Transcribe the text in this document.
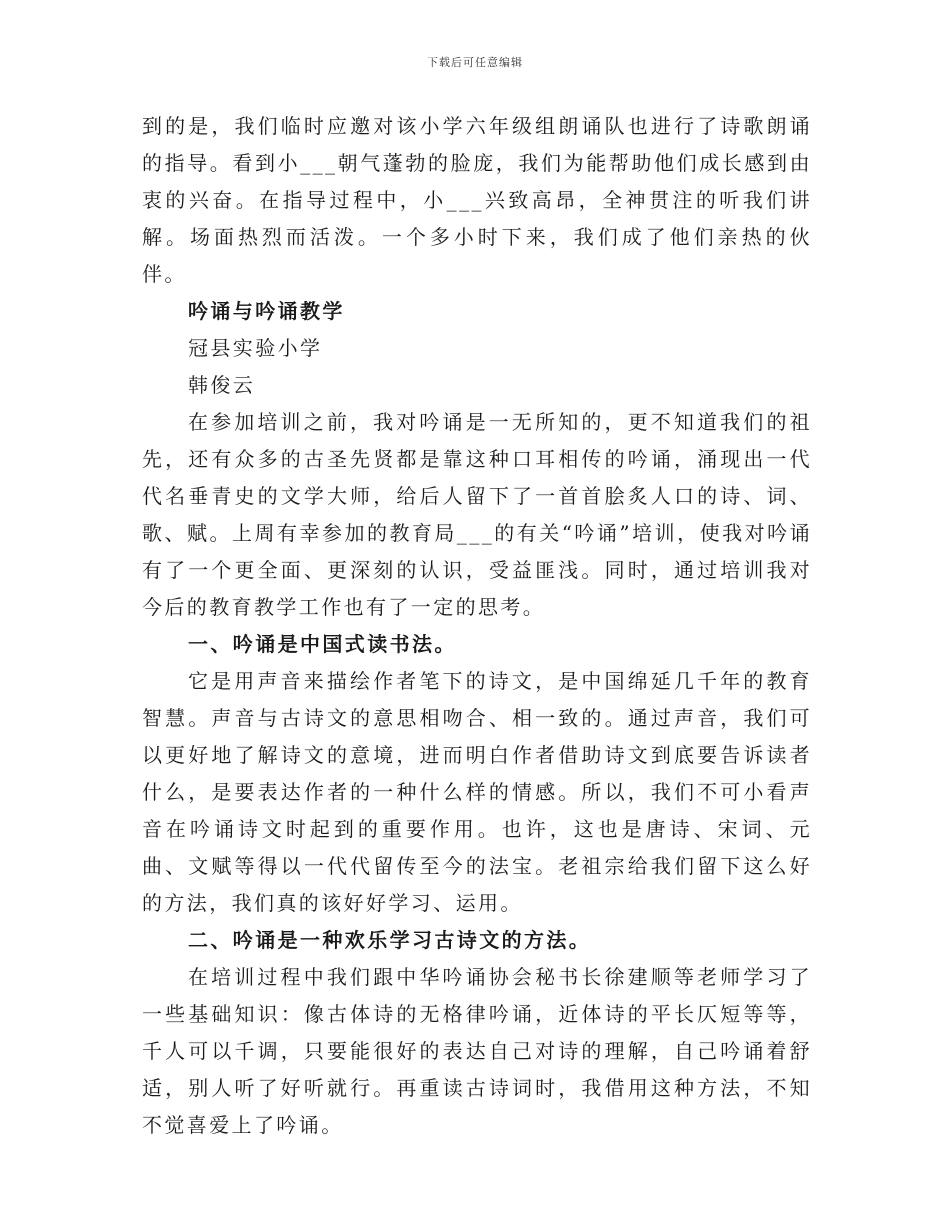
下载后可任意编辑

到的是，我们临时应邀对该小学六年级组朗诵队也进行了诗歌朗诵的指导。看到小___朝气蓬勃的脸庞，我们为能帮助他们成长感到由衷的兴奋。在指导过程中，小___兴致高昂，全神贯注的听我们讲解。场面热烈而活泼。一个多小时下来，我们成了他们亲热的伙伴。

吟诵与吟诵教学

冠县实验小学

韩俊云

在参加培训之前，我对吟诵是一无所知的，更不知道我们的祖先，还有众多的古圣先贤都是靠这种口耳相传的吟诵，涌现出一代代名垂青史的文学大师，给后人留下了一首首脍炙人口的诗、词、歌、赋。上周有幸参加的教育局___的有关“吟诵”培训，使我对吟诵有了一个更全面、更深刻的认识，受益匪浅。同时，通过培训我对今后的教育教学工作也有了一定的思考。

一、吟诵是中国式读书法。

它是用声音来描绘作者笔下的诗文，是中国绵延几千年的教育智慧。声音与古诗文的意思相吻合、相一致的。通过声音，我们可以更好地了解诗文的意境，进而明白作者借助诗文到底要告诉读者什么，是要表达作者的一种什么样的情感。所以，我们不可小看声音在吟诵诗文时起到的重要作用。也许，这也是唐诗、宋词、元曲、文赋等得以一代代留传至今的法宝。老祖宗给我们留下这么好的方法，我们真的该好好学习、运用。

二、吟诵是一种欢乐学习古诗文的方法。

在培训过程中我们跟中华吟诵协会秘书长徐建顺等老师学习了一些基础知识：像古体诗的无格律吟诵，近体诗的平长仄短等等，千人可以千调，只要能很好的表达自己对诗的理解，自己吟诵着舒适，别人听了好听就行。再重读古诗词时，我借用这种方法，不知不觉喜爱上了吟诵。
